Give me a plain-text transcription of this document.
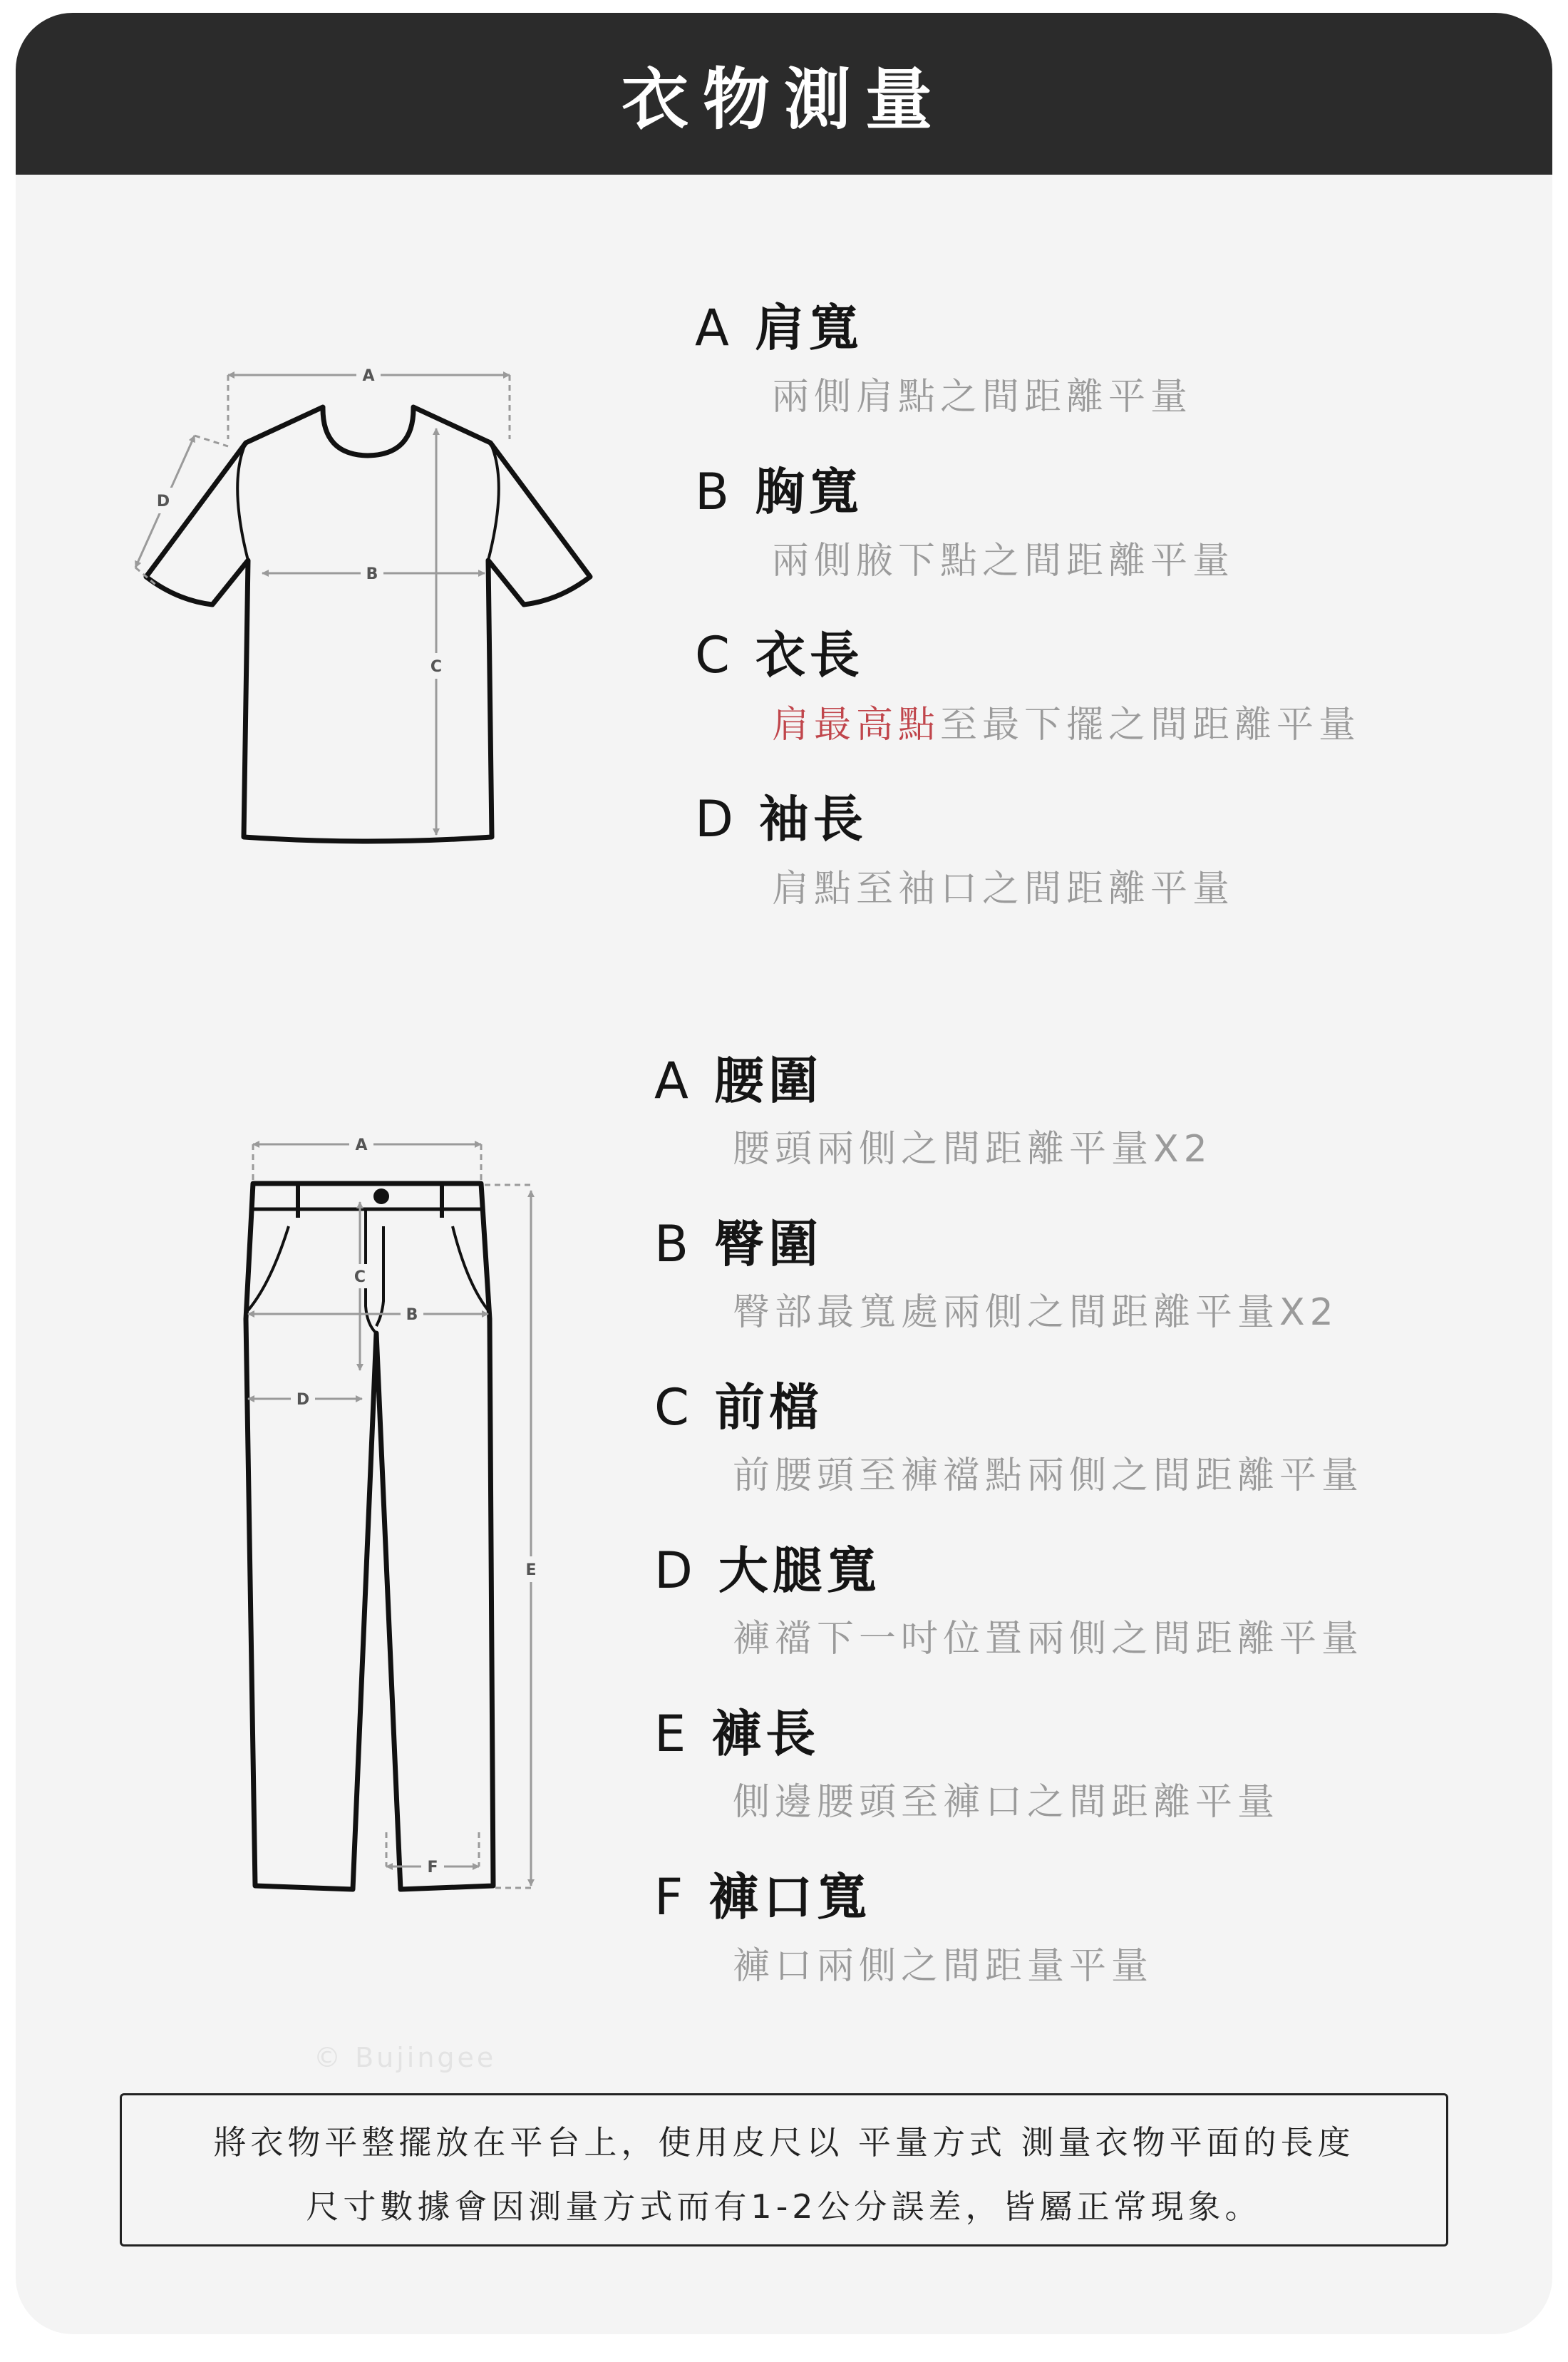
衣物測量
A
B
C
D
A 肩寬
兩側肩點之間距離平量
B 胸寬
兩側腋下點之間距離平量
C 衣長
肩最高點至最下擺之間距離平量
D 袖長
肩點至袖口之間距離平量
A
B
C
D
E
F
A 腰圍
腰頭兩側之間距離平量X2
B 臀圍
臀部最寬處兩側之間距離平量X2
C 前檔
前腰頭至褲襠點兩側之間距離平量
D 大腿寬
褲襠下一吋位置兩側之間距離平量
E 褲長
側邊腰頭至褲口之間距離平量
F 褲口寬
褲口兩側之間距量平量
© Bujingee
將衣物平整擺放在平台上，使用皮尺以 平量方式 測量衣物平面的長度
尺寸數據會因測量方式而有1-2公分誤差，皆屬正常現象。
